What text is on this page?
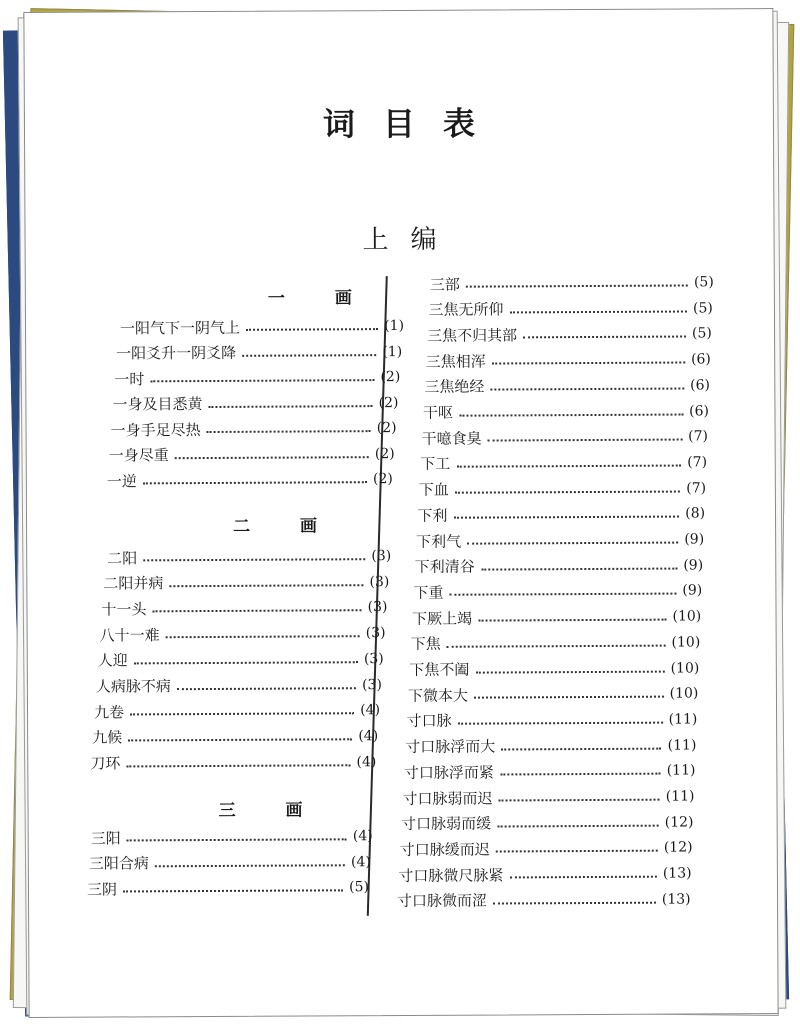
词目表
上编
一 画
一阳气下一阴气上	(1)
一阳爻升一阴爻降	(1)
一时	(2)
一身及目悉黄	(2)
一身手足尽热	(2)
一身尽重	(2)
一逆	(2)
二 画
二阳	(3)
二阳并病	(3)
十一头	(3)
八十一难	(3)
人迎	(3)
人病脉不病	(3)
九卷	(4)
九候	(4)
刀环	(4)
三 画
三阳	(4)
三阳合病	(4)
三阴	(5)
三部	(5)
三焦无所仰	(5)
三焦不归其部	(5)
三焦相浑	(6)
三焦绝经	(6)
干呕	(6)
干噫食臭	(7)
下工	(7)
下血	(7)
下利	(8)
下利气	(9)
下利清谷	(9)
下重	(9)
下厥上竭	(10)
下焦	(10)
下焦不阖	(10)
下微本大	(10)
寸口脉	(11)
寸口脉浮而大	(11)
寸口脉浮而紧	(11)
寸口脉弱而迟	(11)
寸口脉弱而缓	(12)
寸口脉缓而迟	(12)
寸口脉微尺脉紧	(13)
寸口脉微而涩	(13)
